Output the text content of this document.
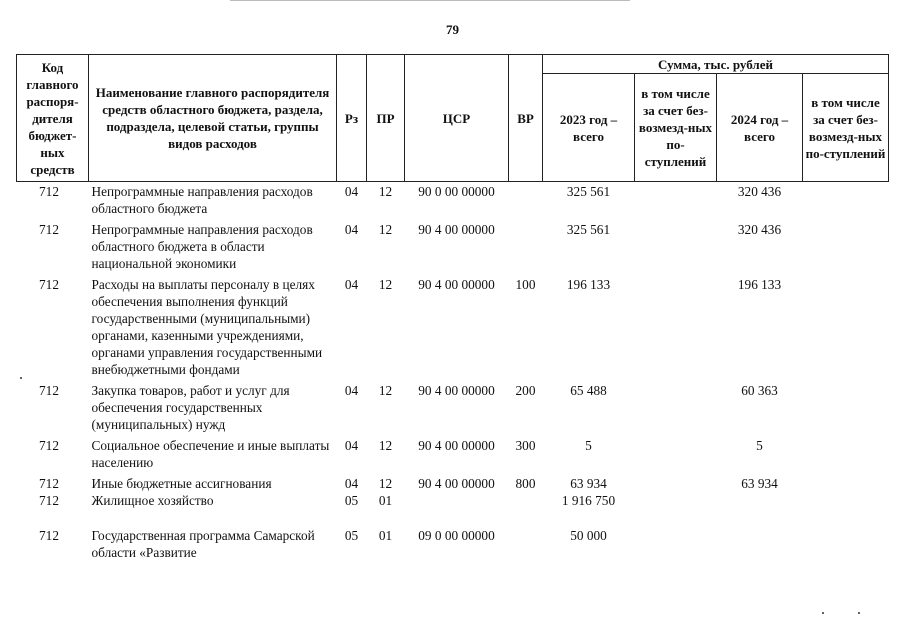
79
Код главного распоря-дителя бюджет-ных средств	Наименование главного распорядителя средств областного бюджета, раздела, подраздела, целевой статьи, группы видов расходов	Рз	ПР	ЦСР	ВР	Сумма, тыс. рублей			
						2023 год – всего	в том числе за счет без-возмезд-ных по-ступлений	2024 год – всего	в том числе за счет без-возмезд-ных по-ступлений
712	Непрограммные направления расходов областного бюджета	04	12	90 0 00 00000		325 561		320 436	
712	Непрограммные направления расходов областного бюджета в области национальной экономики	04	12	90 4 00 00000		325 561		320 436	
712	Расходы на выплаты персоналу в целях обеспечения выполнения функций государственными (муниципальными) органами, казенными учреждениями, органами управления государственными внебюджетными фондами	04	12	90 4 00 00000	100	196 133		196 133	
712	Закупка товаров, работ и услуг для обеспечения государственных (муниципальных) нужд	04	12	90 4 00 00000	200	65 488		60 363	
712	Социальное обеспечение и иные выплаты населению	04	12	90 4 00 00000	300	5		5	
712	Иные бюджетные ассигнования	04	12	90 4 00 00000	800	63 934		63 934	
712	Жилищное хозяйство	05	01			1 916 750			
712	Государственная программа Самарской области «Развитие	05	01	09 0 00 00000		50 000			
